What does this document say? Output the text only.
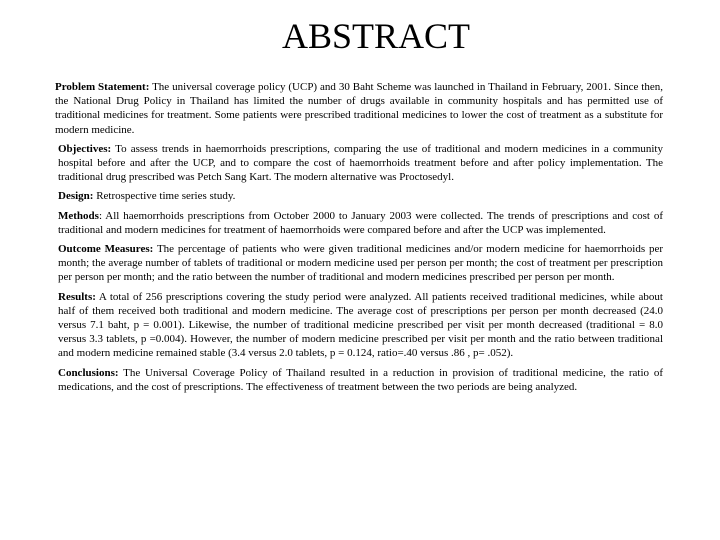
ABSTRACT

Problem Statement: The universal coverage policy (UCP) and 30 Baht Scheme was launched in Thailand in February, 2001. Since then, the National Drug Policy in Thailand has limited the number of drugs available in community hospitals and has permitted use of traditional medicines for treatment. Some patients were prescribed traditional medicines to lower the cost of treatment as a substitute for modern medicine.

Objectives: To assess trends in haemorrhoids prescriptions, comparing the use of traditional and modern medicines in a community hospital before and after the UCP, and to compare the cost of haemorrhoids treatment before and after policy implementation. The traditional drug prescribed was Petch Sang Kart. The modern alternative was Proctosedyl.

Design: Retrospective time series study.

Methods: All haemorrhoids prescriptions from October 2000 to January 2003 were collected. The trends of prescriptions and cost of traditional and modern medicines for treatment of haemorrhoids were compared before and after the UCP was implemented.

Outcome Measures: The percentage of patients who were given traditional medicines and/or modern medicine for haemorrhoids per month; the average number of tablets of traditional or modern medicine used per person per month; the cost of treatment per prescription per person per month; and the ratio between the number of traditional and modern medicines prescribed per person per month.

Results: A total of 256 prescriptions covering the study period were analyzed. All patients received traditional medicines, while about half of them received both traditional and modern medicine. The average cost of prescriptions per person per month decreased (24.0 versus 7.1 baht, p = 0.001). Likewise, the number of traditional medicine prescribed per visit per month decreased (traditional = 8.0 versus 3.3 tablets, p =0.004). However, the number of modern medicine prescribed per visit per month and the ratio between traditional and modern medicine remained stable (3.4 versus 2.0 tablets, p = 0.124, ratio=.40 versus .86 , p= .052).

Conclusions: The Universal Coverage Policy of Thailand resulted in a reduction in provision of traditional medicine, the ratio of medications, and the cost of prescriptions. The effectiveness of treatment between the two periods are being analyzed.
